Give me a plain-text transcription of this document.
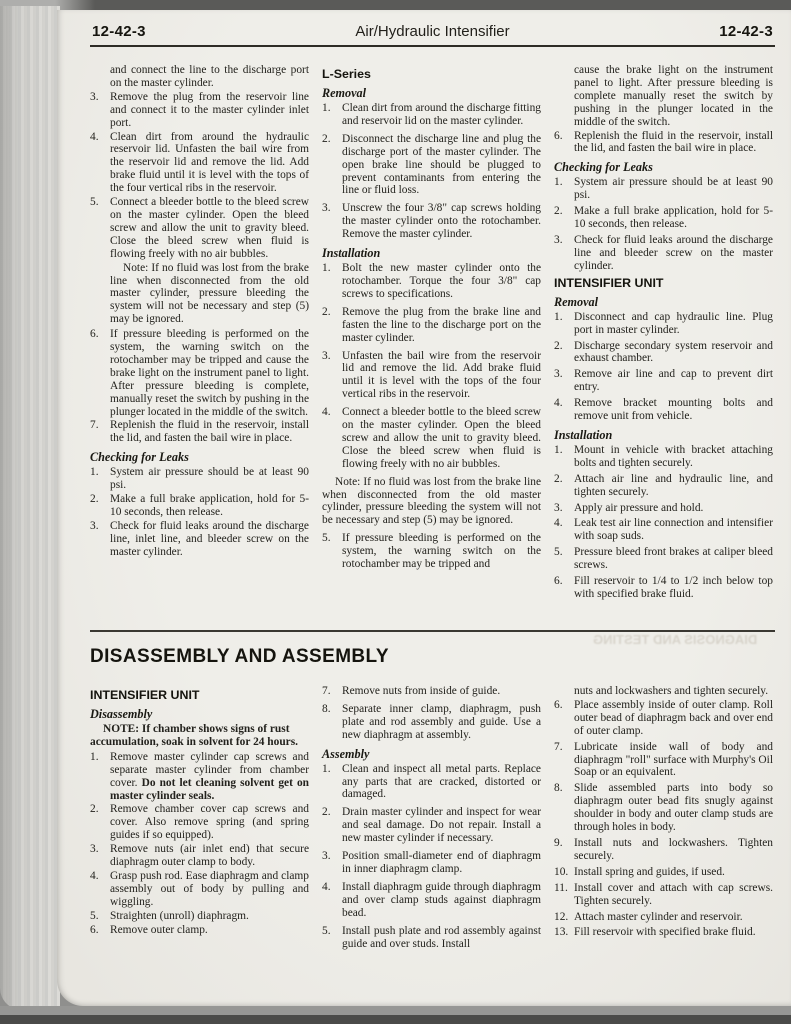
12-42-3	Air/Hydraulic Intensifier	12-42-3
and connect the line to the discharge port on the master cylinder.
3. Remove the plug from the reservoir line and connect it to the master cylinder inlet port.
4. Clean dirt from around the hydraulic reservoir lid. Unfasten the bail wire from the reservoir lid and remove the lid. Add brake fluid until it is level with the tops of the four vertical ribs in the reservoir.
5. Connect a bleeder bottle to the bleed screw on the master cylinder. Open the bleed screw and allow the unit to gravity bleed. Close the bleed screw when fluid is flowing freely with no air bubbles.
Note: If no fluid was lost from the brake line when disconnected from the old master cylinder, pressure bleeding the system will not be necessary and step (5) may be ignored.
6. If pressure bleeding is performed on the system, the warning switch on the rotochamber may be tripped and cause the brake light on the instrument panel to light. After pressure bleeding is complete, manually reset the switch by pushing in the plunger located in the middle of the switch.
7. Replenish the fluid in the reservoir, install the lid, and fasten the bail wire in place.
Checking for Leaks
1. System air pressure should be at least 90 psi.
2. Make a full brake application, hold for 5-10 seconds, then release.
3. Check for fluid leaks around the discharge line, inlet line, and bleeder screw on the master cylinder.
L-Series
Removal
1. Clean dirt from around the discharge fitting and reservoir lid on the master cylinder.
2. Disconnect the discharge line and plug the discharge port of the master cylinder. The open brake line should be plugged to prevent contaminants from entering the line or fluid loss.
3. Unscrew the four 3/8" cap screws holding the master cylinder onto the rotochamber. Remove the master cylinder.
Installation
1. Bolt the new master cylinder onto the rotochamber. Torque the four 3/8" cap screws to specifications.
2. Remove the plug from the brake line and fasten the line to the discharge port on the master cylinder.
3. Unfasten the bail wire from the reservoir lid and remove the lid. Add brake fluid until it is level with the tops of the four vertical ribs in the reservoir.
4. Connect a bleeder bottle to the bleed screw on the master cylinder. Open the bleed screw and allow the unit to gravity bleed. Close the bleed screw when fluid is flowing freely with no air bubbles.
Note: If no fluid was lost from the brake line when disconnected from the old master cylinder, pressure bleeding the system will not be necessary and step (5) may be ignored.
5. If pressure bleeding is performed on the system, the warning switch on the rotochamber may be tripped and
cause the brake light on the instrument panel to light. After pressure bleeding is complete manually reset the switch by pushing in the plunger located in the middle of the switch.
6. Replenish the fluid in the reservoir, install the lid, and fasten the bail wire in place.
Checking for Leaks
1. System air pressure should be at least 90 psi.
2. Make a full brake application, hold for 5-10 seconds, then release.
3. Check for fluid leaks around the discharge line and bleeder screw on the master cylinder.
INTENSIFIER UNIT
Removal
1. Disconnect and cap hydraulic line. Plug port in master cylinder.
2. Discharge secondary system reservoir and exhaust chamber.
3. Remove air line and cap to prevent dirt entry.
4. Remove bracket mounting bolts and remove unit from vehicle.
Installation
1. Mount in vehicle with bracket attaching bolts and tighten securely.
2. Attach air line and hydraulic line, and tighten securely.
3. Apply air pressure and hold.
4. Leak test air line connection and intensifier with soap suds.
5. Pressure bleed front brakes at caliper bleed screws.
6. Fill reservoir to 1/4 to 1/2 inch below top with specified brake fluid.
DIAGNOSIS AND TESTING
DISASSEMBLY AND ASSEMBLY
INTENSIFIER UNIT
Disassembly
NOTE: If chamber shows signs of rust accumulation, soak in solvent for 24 hours.
1. Remove master cylinder cap screws and separate master cylinder from chamber cover. Do not let cleaning solvent get on master cylinder seals.
2. Remove chamber cover cap screws and cover. Also remove spring (and spring guides if so equipped).
3. Remove nuts (air inlet end) that secure diaphragm outer clamp to body.
4. Grasp push rod. Ease diaphragm and clamp assembly out of body by pulling and wiggling.
5. Straighten (unroll) diaphragm.
6. Remove outer clamp.
7. Remove nuts from inside of guide.
8. Separate inner clamp, diaphragm, push plate and rod assembly and guide. Use a new diaphragm at assembly.
Assembly
1. Clean and inspect all metal parts. Replace any parts that are cracked, distorted or damaged.
2. Drain master cylinder and inspect for wear and seal damage. Do not repair. Install a new master cylinder if necessary.
3. Position small-diameter end of diaphragm in inner diaphragm clamp.
4. Install diaphragm guide through diaphragm and over clamp studs against diaphragm bead.
5. Install push plate and rod assembly against guide and over studs. Install
nuts and lockwashers and tighten securely.
6. Place assembly inside of outer clamp. Roll outer bead of diaphragm back and over end of outer clamp.
7. Lubricate inside wall of body and diaphragm "roll" surface with Murphy's Oil Soap or an equivalent.
8. Slide assembled parts into body so diaphragm outer bead fits snugly against shoulder in body and outer clamp studs are through holes in body.
9. Install nuts and lockwashers. Tighten securely.
10. Install spring and guides, if used.
11. Install cover and attach with cap screws. Tighten securely.
12. Attach master cylinder and reservoir.
13. Fill reservoir with specified brake fluid.
